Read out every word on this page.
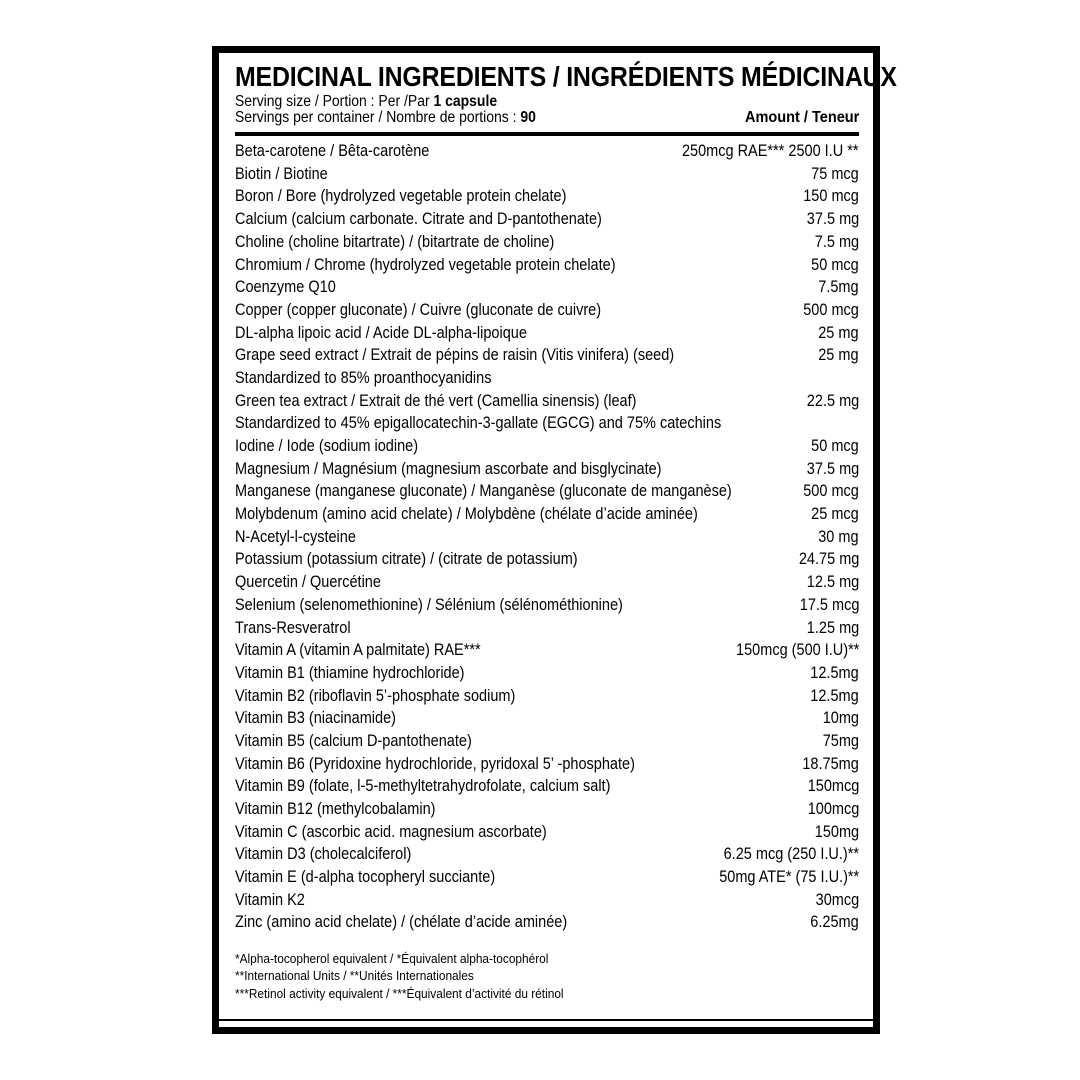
MEDICINAL INGREDIENTS / INGRÉDIENTS MÉDICINAUX
Serving size / Portion : Per /Par 1 capsule
Servings per container / Nombre de portions : 90	Amount / Teneur
Beta-carotene / Bêta-carotène	250mcg RAE*** 2500 I.U **
Biotin / Biotine	75 mcg
Boron / Bore (hydrolyzed vegetable protein chelate)	150 mcg
Calcium (calcium carbonate. Citrate and D-pantothenate)	37.5 mg
Choline (choline bitartrate) / (bitartrate de choline)	7.5 mg
Chromium / Chrome (hydrolyzed vegetable protein chelate)	50 mcg
Coenzyme Q10	7.5mg
Copper (copper gluconate) / Cuivre (gluconate de cuivre)	500 mcg
DL-alpha lipoic acid / Acide DL-alpha-lipoique	25 mg
Grape seed extract / Extrait de pépins de raisin (Vitis vinifera) (seed)	25 mg
Standardized to 85% proanthocyanidins
Green tea extract / Extrait de thé vert (Camellia sinensis) (leaf)	22.5 mg
Standardized to 45% epigallocatechin-3-gallate (EGCG) and 75% catechins
Iodine / Iode (sodium iodine)	50 mcg
Magnesium / Magnésium (magnesium ascorbate and bisglycinate)	37.5 mg
Manganese (manganese gluconate) / Manganèse (gluconate de manganèse)	500 mcg
Molybdenum (amino acid chelate) / Molybdène (chélate d’acide aminée)	25 mcg
N-Acetyl-l-cysteine	30 mg
Potassium (potassium citrate) / (citrate de potassium)	24.75 mg
Quercetin / Quercétine	12.5 mg
Selenium (selenomethionine) / Sélénium (sélénométhionine)	17.5 mcg
Trans-Resveratrol	1.25 mg
Vitamin A (vitamin A palmitate) RAE***	150mcg (500 I.U)**
Vitamin B1 (thiamine hydrochloride)	12.5mg
Vitamin B2 (riboflavin 5’-phosphate sodium)	12.5mg
Vitamin B3 (niacinamide)	10mg
Vitamin B5 (calcium D-pantothenate)	75mg
Vitamin B6 (Pyridoxine hydrochloride, pyridoxal 5’ -phosphate)	18.75mg
Vitamin B9 (folate, l-5-methyltetrahydrofolate, calcium salt)	150mcg
Vitamin B12 (methylcobalamin)	100mcg
Vitamin C (ascorbic acid. magnesium ascorbate)	150mg
Vitamin D3 (cholecalciferol)	6.25 mcg (250 I.U.)**
Vitamin E (d-alpha tocopheryl succiante)	50mg ATE* (75 I.U.)**
Vitamin K2	30mcg
Zinc (amino acid chelate) / (chélate d’acide aminée)	6.25mg
*Alpha-tocopherol equivalent / *Équivalent alpha-tocophérol
**International Units / **Unités Internationales
***Retinol activity equivalent / ***Équivalent d’activité du rétinol
